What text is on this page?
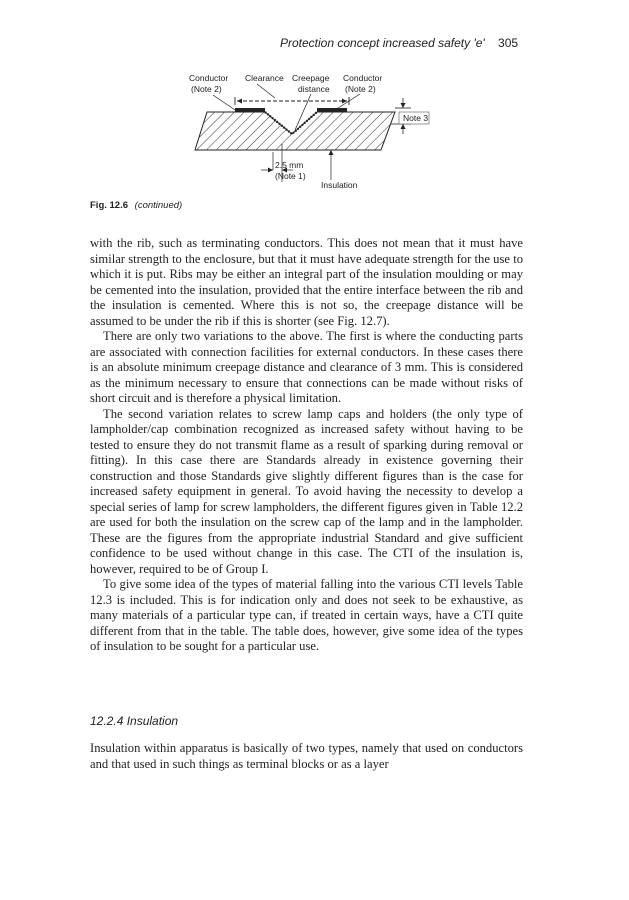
Protection concept increased safety 'e' 305
Conductor
(Note 2)
Clearance Creepage
distance
Conductor
(Note 2)
Note 3
2.5 mm
(Note 1)
Insulation
Fig. 12.6 (continued)

with the rib, such as terminating conductors. This does not mean that it must have similar strength to the enclosure, but that it must have adequate strength for the use to which it is put. Ribs may be either an integral part of the insulation moulding or may be cemented into the insulation, provided that the entire interface between the rib and the insulation is cemented. Where this is not so, the creepage distance will be assumed to be under the rib if this is shorter (see Fig. 12.7).

There are only two variations to the above. The first is where the conducting parts are associated with connection facilities for external conductors. In these cases there is an absolute minimum creepage distance and clearance of 3 mm. This is considered as the minimum necessary to ensure that connections can be made without risks of short circuit and is therefore a physical limitation.

The second variation relates to screw lamp caps and holders (the only type of lampholder/cap combination recognized as increased safety without having to be tested to ensure they do not transmit flame as a result of sparking during removal or fitting). In this case there are Standards already in existence governing their construction and those Standards give slightly different figures than is the case for increased safety equipment in general. To avoid having the necessity to develop a special series of lamp for screw lampholders, the different figures given in Table 12.2 are used for both the insulation on the screw cap of the lamp and in the lampholder. These are the figures from the appropriate industrial Standard and give sufficient confidence to be used without change in this case. The CTI of the insulation is, however, required to be of Group I.

To give some idea of the types of material falling into the various CTI levels Table 12.3 is included. This is for indication only and does not seek to be exhaustive, as many materials of a particular type can, if treated in certain ways, have a CTI quite different from that in the table. The table does, however, give some idea of the types of insulation to be sought for a particular use.

12.2.4 Insulation

Insulation within apparatus is basically of two types, namely that used on conductors and that used in such things as terminal blocks or as a layer
